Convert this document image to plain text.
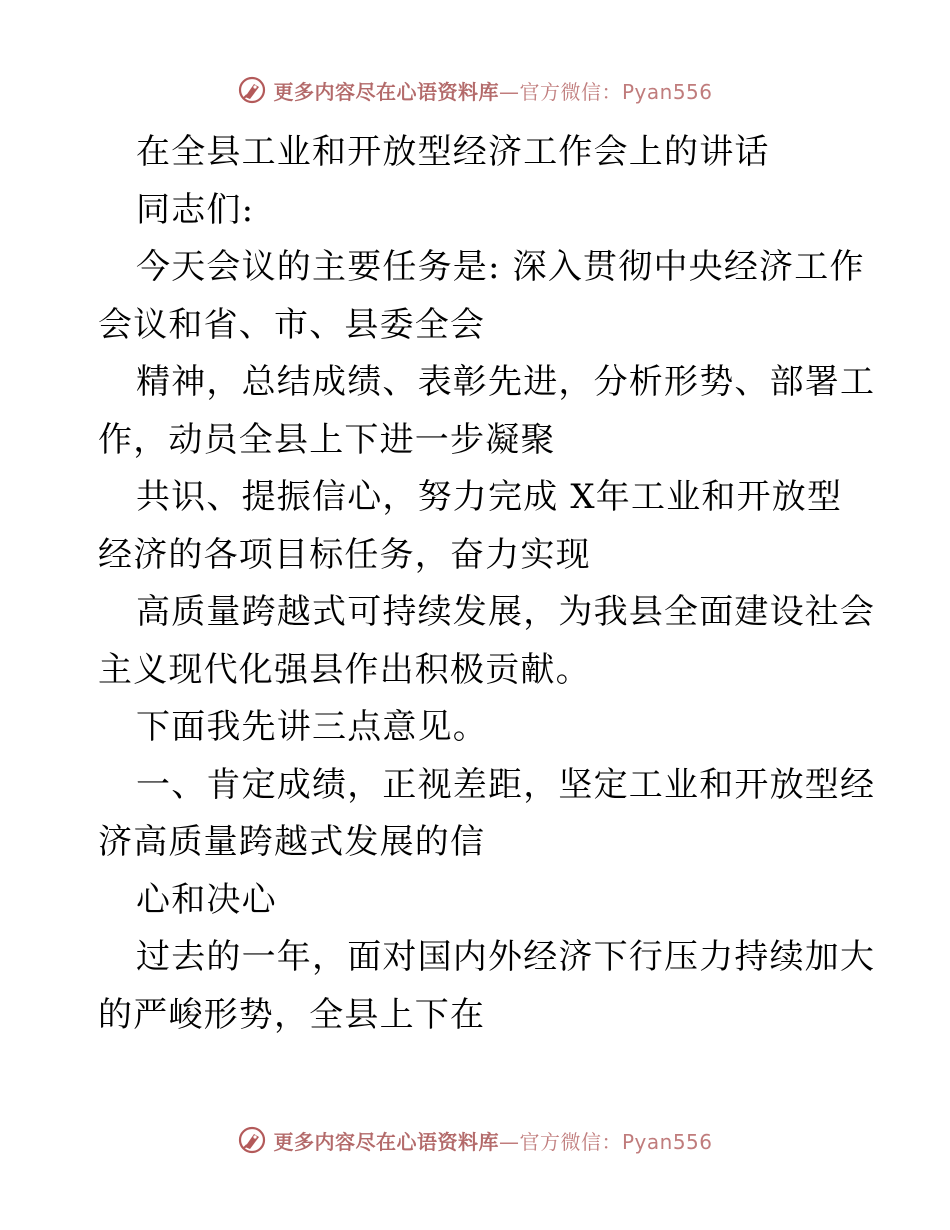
更多内容尽在心语资料库—官方微信：Pyan556
在全县工业和开放型经济工作会上的讲话
同志们:
今天会议的主要任务是: 深入贯彻中央经济工作
会议和省、市、县委全会
精神，总结成绩、表彰先进，分析形势、部署工
作，动员全县上下进一步凝聚
共识、提振信心，努力完成 X年工业和开放型
经济的各项目标任务，奋力实现
高质量跨越式可持续发展，为我县全面建设社会
主义现代化强县作出积极贡献。
下面我先讲三点意见。
一、肯定成绩，正视差距，坚定工业和开放型经
济高质量跨越式发展的信
心和决心
过去的一年，面对国内外经济下行压力持续加大
的严峻形势，全县上下在
更多内容尽在心语资料库—官方微信：Pyan556
